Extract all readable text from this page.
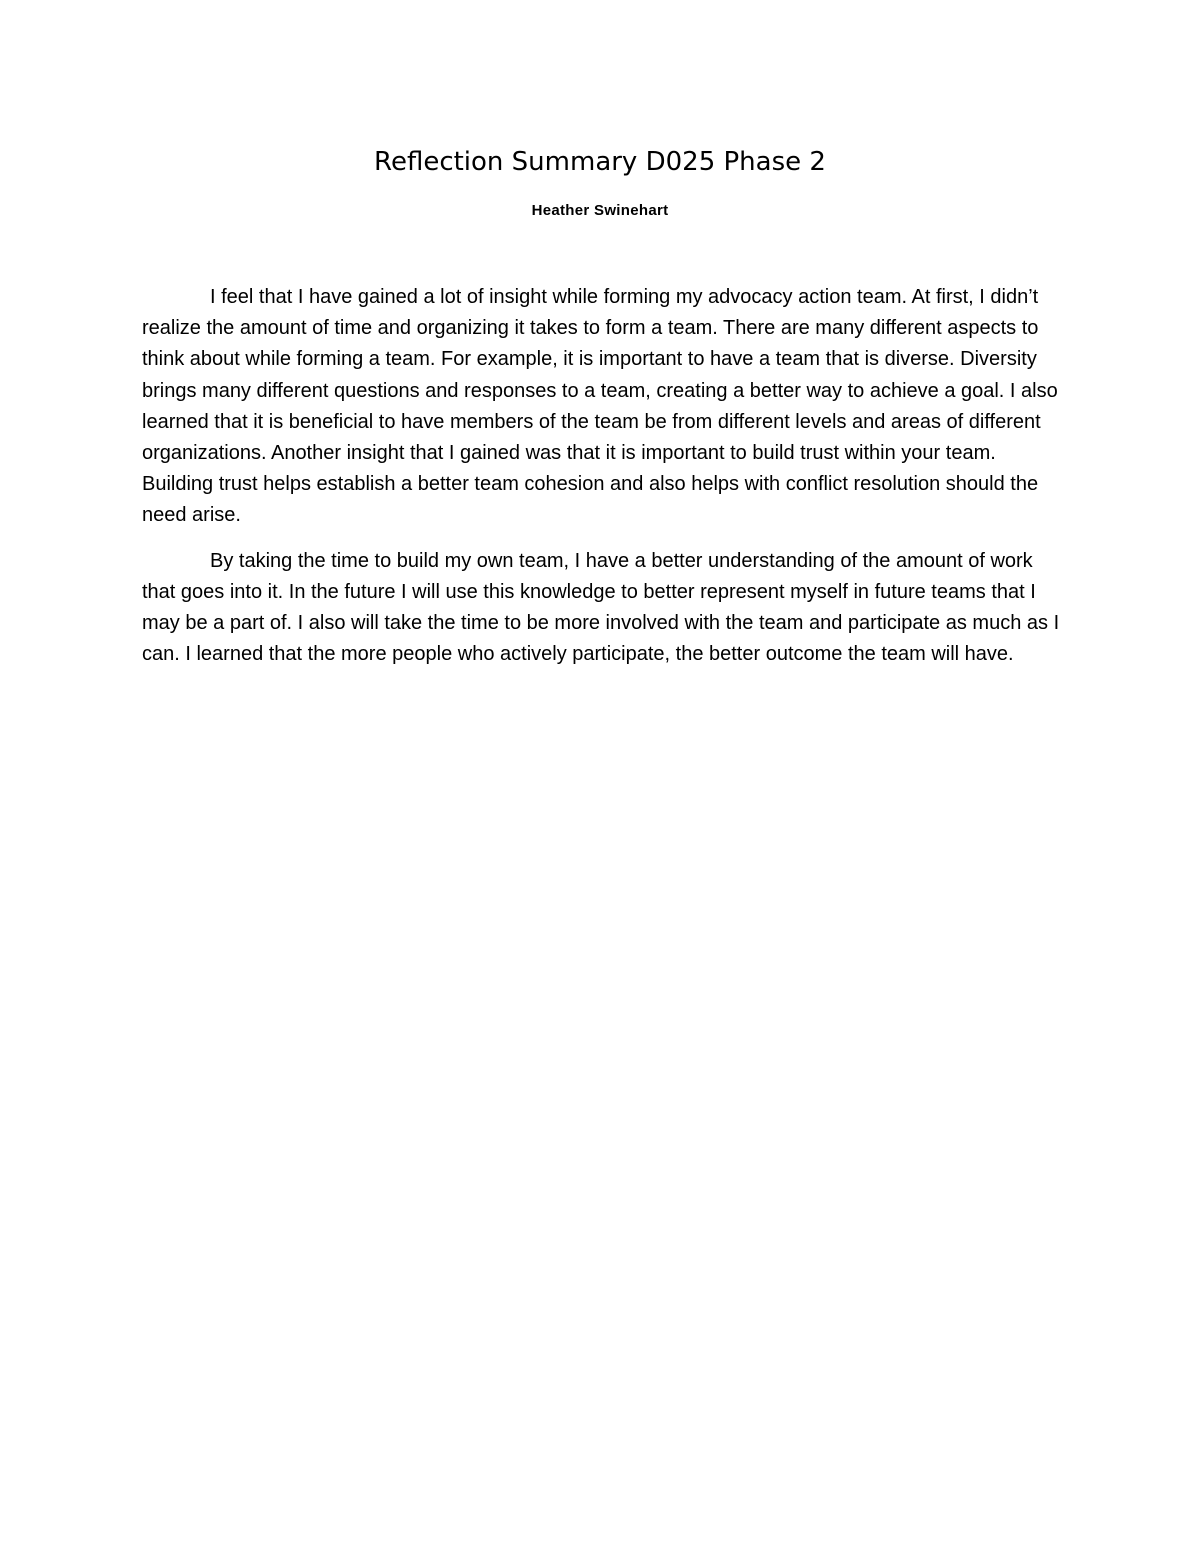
Reflection Summary D025 Phase 2
Heather Swinehart

I feel that I have gained a lot of insight while forming my advocacy action team. At first, I didn’t realize the amount of time and organizing it takes to form a team. There are many different aspects to think about while forming a team. For example, it is important to have a team that is diverse. Diversity brings many different questions and responses to a team, creating a better way to achieve a goal. I also learned that it is beneficial to have members of the team be from different levels and areas of different organizations. Another insight that I gained was that it is important to build trust within your team. Building trust helps establish a better team cohesion and also helps with conflict resolution should the need arise.

By taking the time to build my own team, I have a better understanding of the amount of work that goes into it. In the future I will use this knowledge to better represent myself in future teams that I may be a part of. I also will take the time to be more involved with the team and participate as much as I can. I learned that the more people who actively participate, the better outcome the team will have.
